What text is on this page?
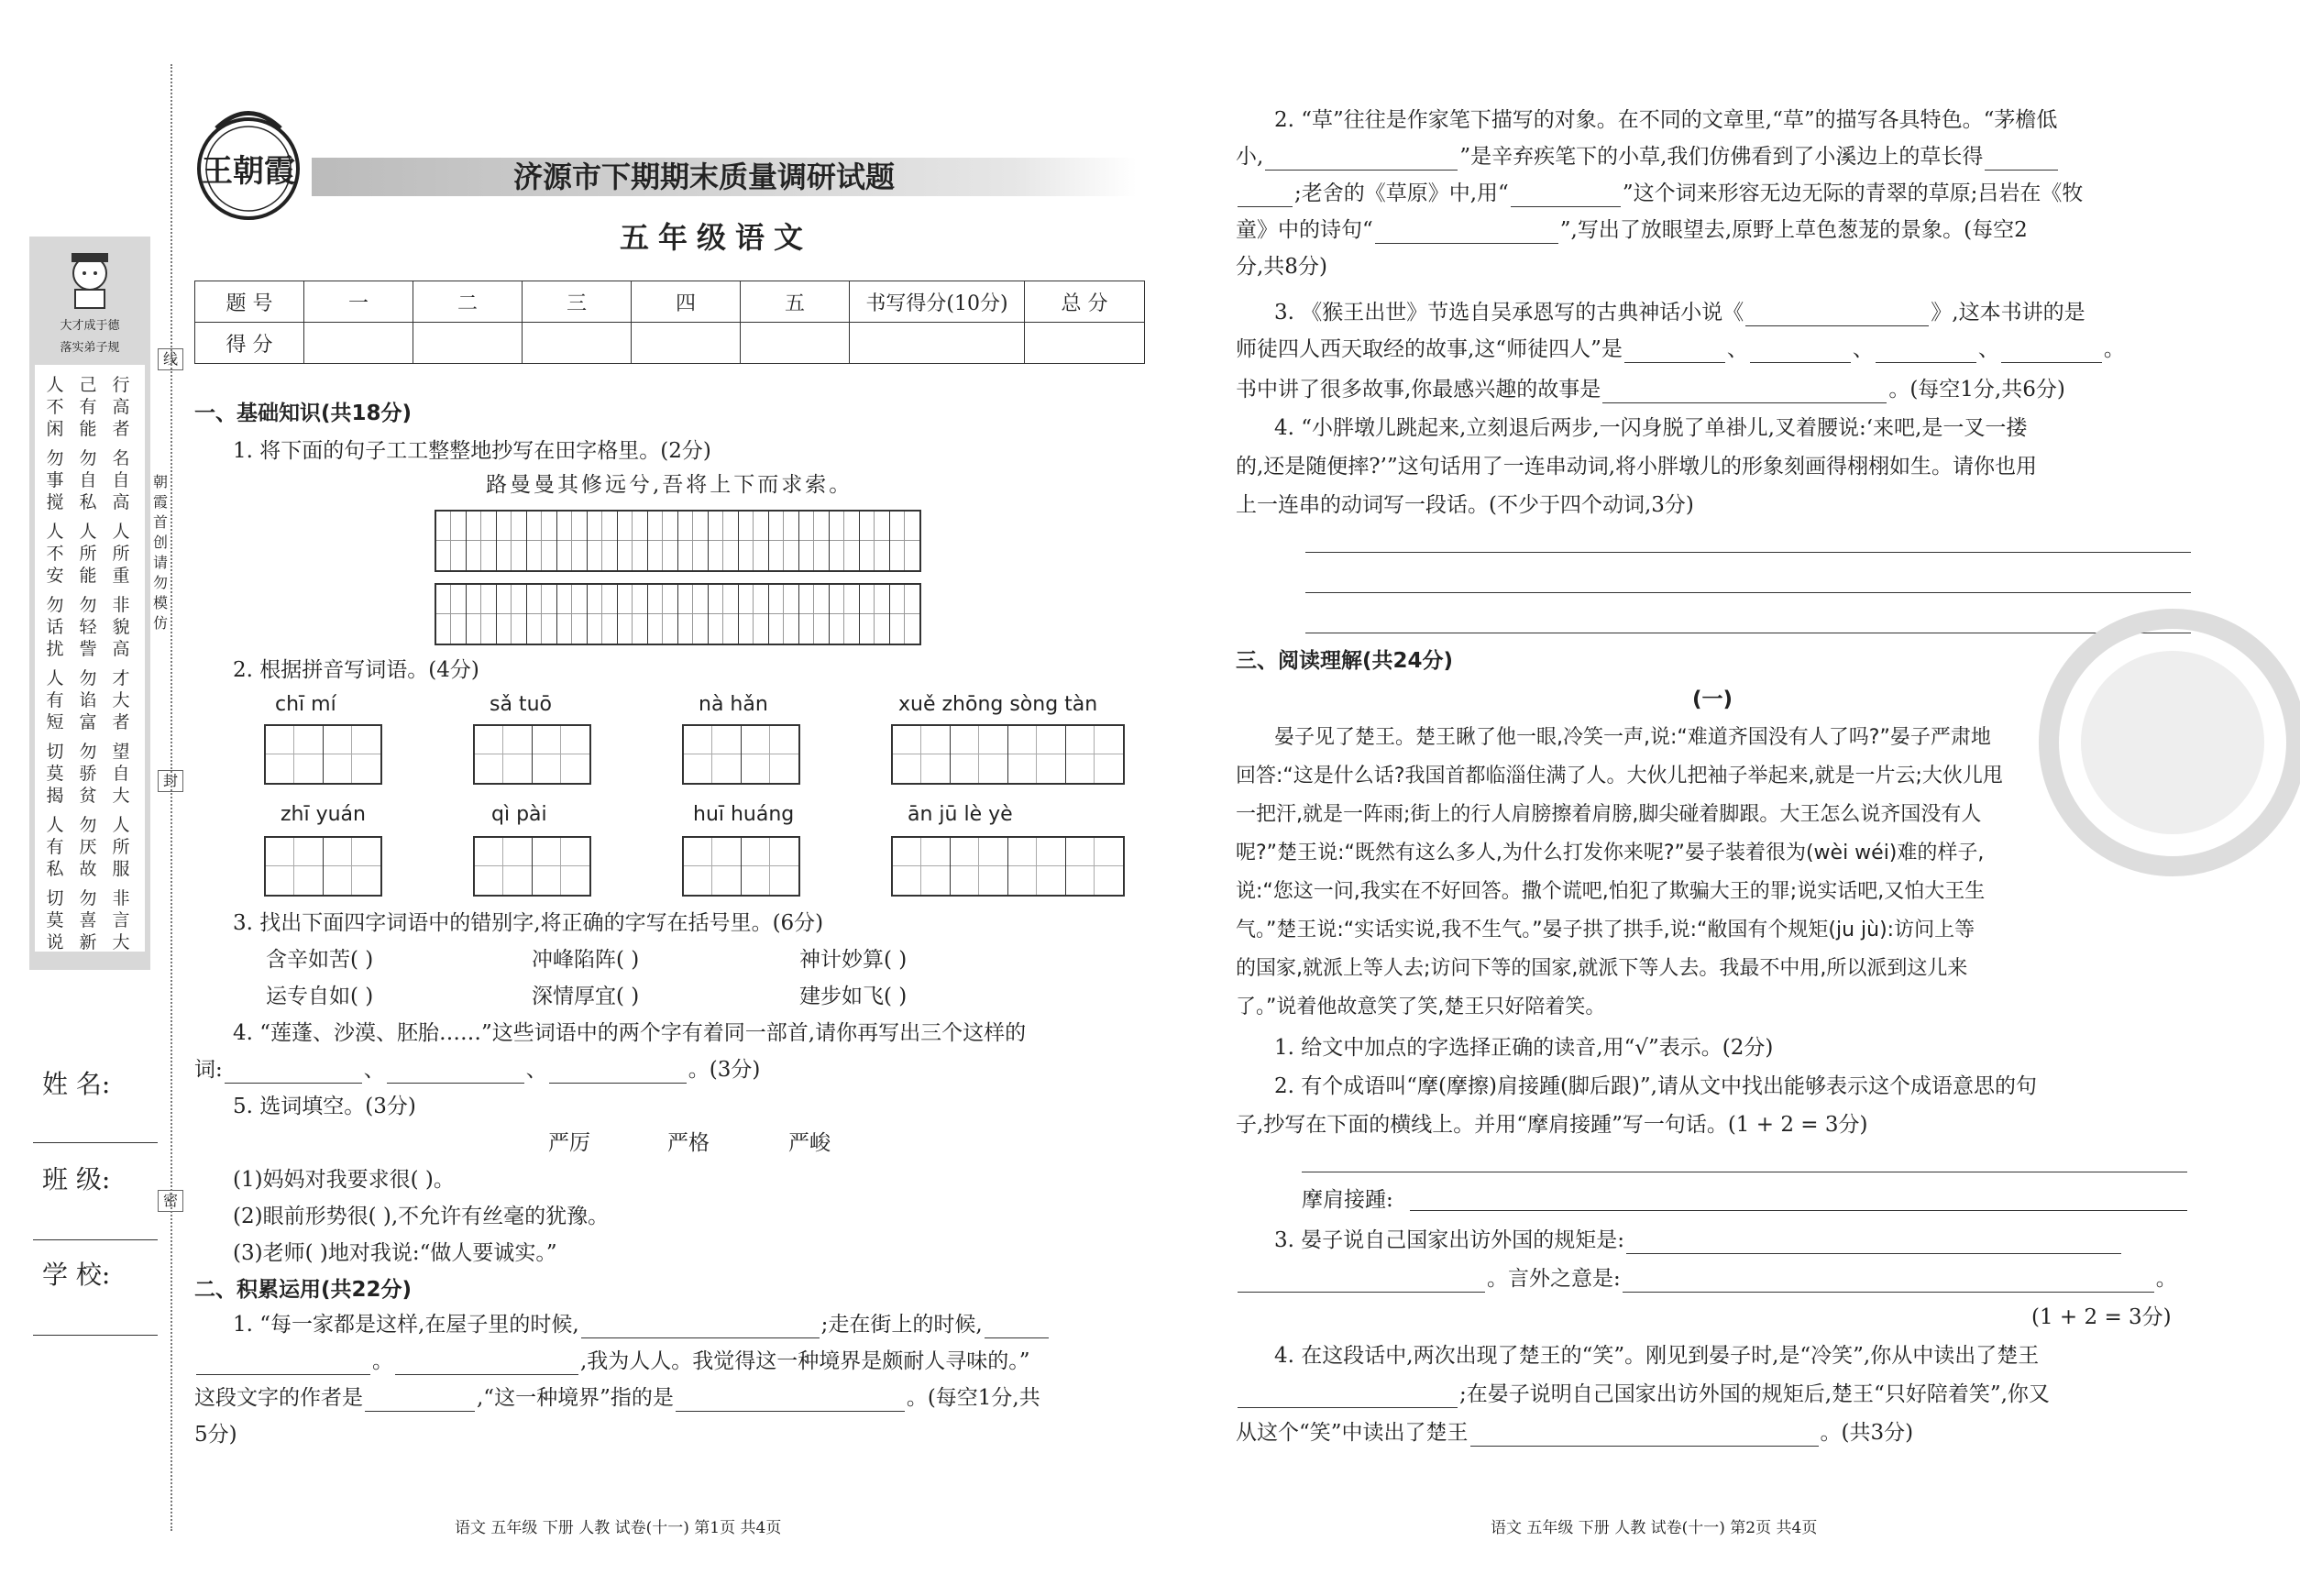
大才成于德
落实弟子规
人不闲
己有能
行高者
勿事搅
勿自私
名自高
人不安
人所能
人所重
勿话扰
勿轻訾
非貌高
人有短
勿谄富
才大者
切莫揭
勿骄贫
望自大
人有私
勿厌故
人所服
切莫说
勿喜新
非言大
朝霞首创 请勿模仿
线
封
密
姓 名:
班 级:
学 校:
王朝霞	济源市下期期末质量调研试题
五年级语文
题 号	一	二	三	四	五	书写得分(10分)	总 分
得 分							
一、基础知识(共18分)
1. 将下面的句子工工整整地抄写在田字格里。(2分)
路曼曼其修远兮,吾将上下而求索。
2. 根据拼音写词语。(4分)
chī mí	sǎ tuō	nà hǎn	xuě zhōng sòng tàn
zhī yuán	qì pài	huī huáng	ān jū lè yè
3. 找出下面四字词语中的错别字,将正确的字写在括号里。(6分)
含辛如苦( )	冲峰陷阵( )	神计妙算( )
运专自如( )	深情厚宜( )	建步如飞( )
4. “莲蓬、沙漠、胚胎……”这些词语中的两个字有着同一部首,请你再写出三个这样的
词:	、	、	。(3分)
5. 选词填空。(3分)
严厉	严格	严峻
(1)妈妈对我要求很( )。
(2)眼前形势很( ),不允许有丝毫的犹豫。
(3)老师( )地对我说:“做人要诚实。”
二、积累运用(共22分)
1. “每一家都是这样,在屋子里的时候,	;走在街上的时候,
。	,我为人人。我觉得这一种境界是颇耐人寻味的。”
这段文字的作者是	,“这一种境界”指的是	。(每空1分,共
5分)
语文 五年级 下册 人教 试卷(十一) 第1页 共4页
2. “草”往往是作家笔下描写的对象。在不同的文章里,“草”的描写各具特色。“茅檐低
小,	”是辛弃疾笔下的小草,我们仿佛看到了小溪边上的草长得
;老舍的《草原》中,用“	”这个词来形容无边无际的青翠的草原;吕岩在《牧
童》中的诗句“	”,写出了放眼望去,原野上草色葱茏的景象。(每空2
分,共8分)
3. 《猴王出世》节选自吴承恩写的古典神话小说《	》,这本书讲的是
师徒四人西天取经的故事,这“师徒四人”是	、	、	、	。
书中讲了很多故事,你最感兴趣的故事是	。(每空1分,共6分)
4. “小胖墩儿跳起来,立刻退后两步,一闪身脱了单褂儿,叉着腰说:‘来吧,是一叉一搂
的,还是随便摔?’”这句话用了一连串动词,将小胖墩儿的形象刻画得栩栩如生。请你也用
上一连串的动词写一段话。(不少于四个动词,3分)
三、阅读理解(共24分)
(一)
晏子见了楚王。楚王瞅了他一眼,冷笑一声,说:“难道齐国没有人了吗?”晏子严肃地
回答:“这是什么话?我国首都临淄住满了人。大伙儿把袖子举起来,就是一片云;大伙儿甩
一把汗,就是一阵雨;街上的行人肩膀擦着肩膀,脚尖碰着脚跟。大王怎么说齐国没有人
呢?”楚王说:“既然有这么多人,为什么打发你来呢?”晏子装着很为(wèi wéi)难的样子,
说:“您这一问,我实在不好回答。撒个谎吧,怕犯了欺骗大王的罪;说实话吧,又怕大王生
气。”楚王说:“实话实说,我不生气。”晏子拱了拱手,说:“敝国有个规矩(ju jù):访问上等
的国家,就派上等人去;访问下等的国家,就派下等人去。我最不中用,所以派到这儿来
了。”说着他故意笑了笑,楚王只好陪着笑。
1. 给文中加点的字选择正确的读音,用“√”表示。(2分)
2. 有个成语叫“摩(摩擦)肩接踵(脚后跟)”,请从文中找出能够表示这个成语意思的句
子,抄写在下面的横线上。并用“摩肩接踵”写一句话。(1 + 2 = 3分)
摩肩接踵:
3. 晏子说自己国家出访外国的规矩是:
。言外之意是:	。
(1 + 2 = 3分)
4. 在这段话中,两次出现了楚王的“笑”。刚见到晏子时,是“冷笑”,你从中读出了楚王
;在晏子说明自己国家出访外国的规矩后,楚王“只好陪着笑”,你又
从这个“笑”中读出了楚王	。(共3分)
语文 五年级 下册 人教 试卷(十一) 第2页 共4页
